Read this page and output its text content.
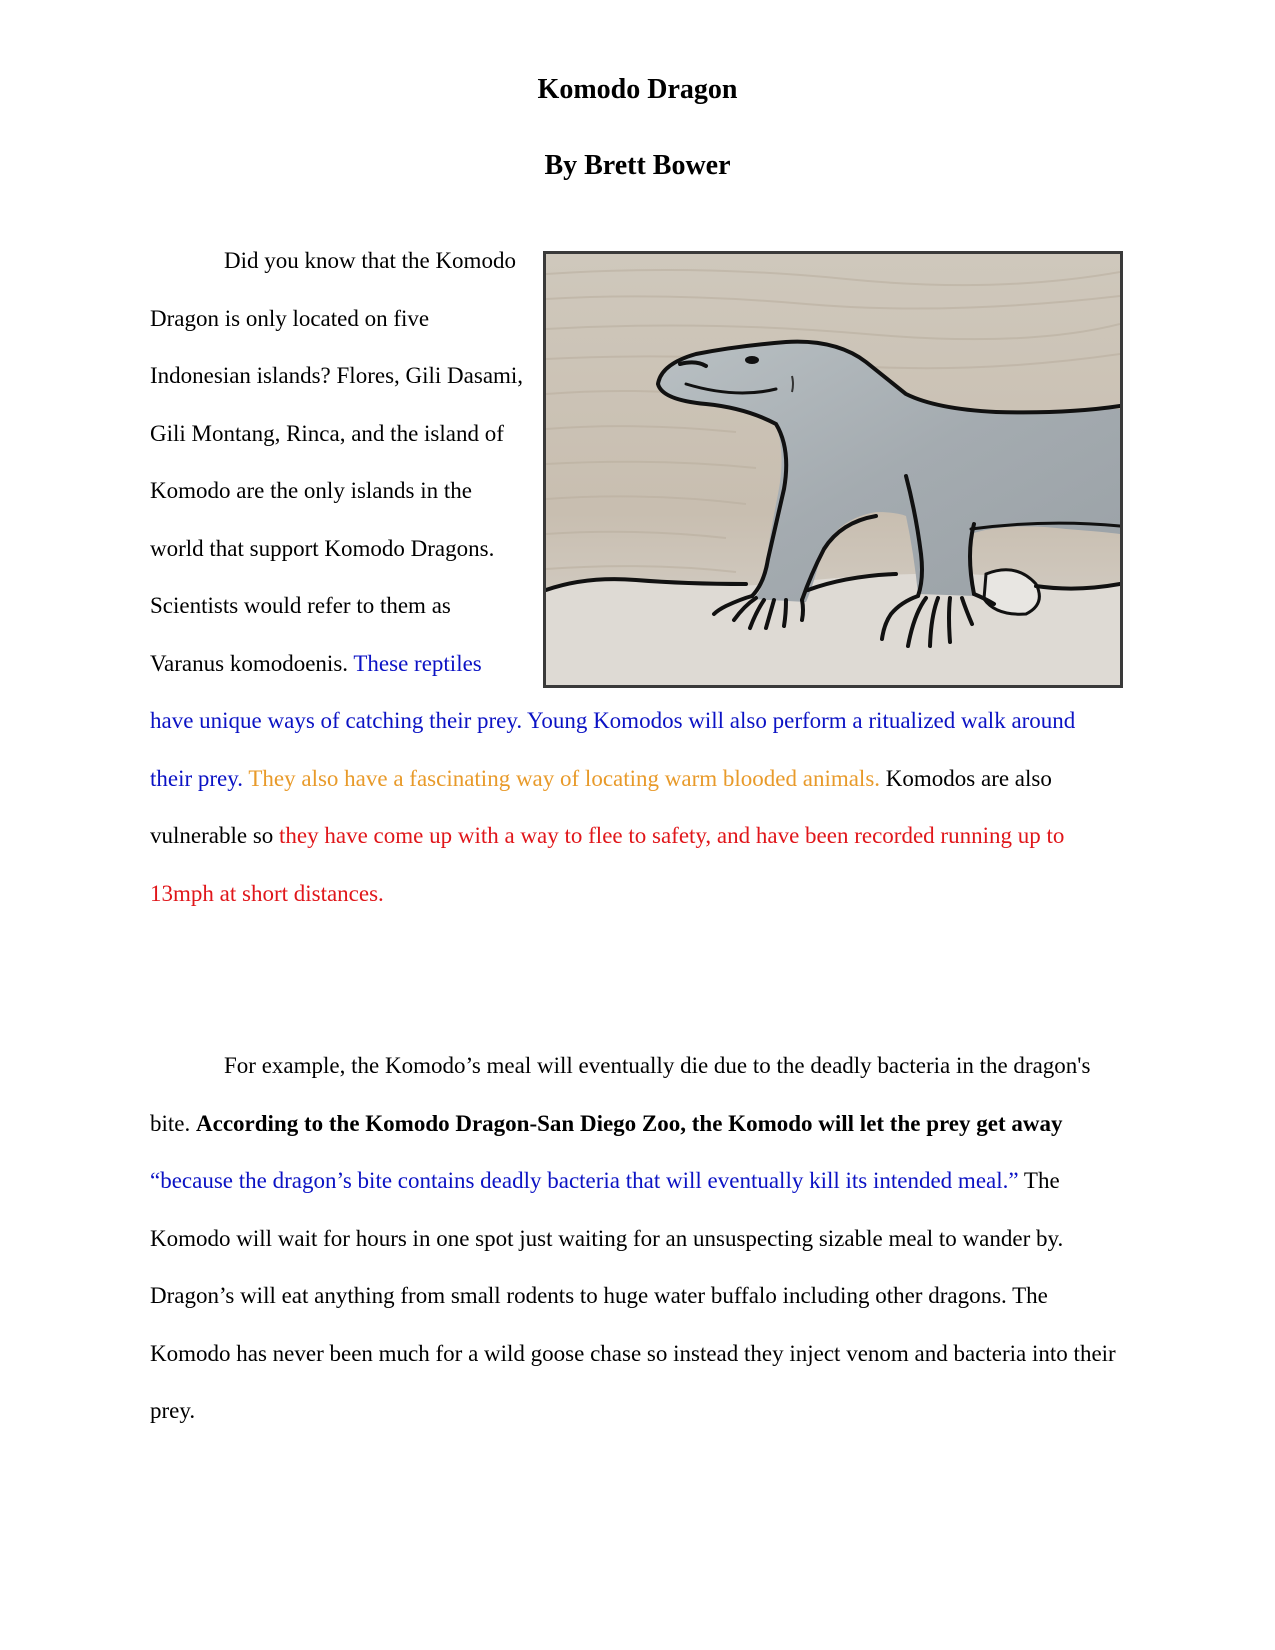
Komodo Dragon
By Brett Bower

Did you know that the Komodo Dragon is only located on five Indonesian islands? Flores, Gili Dasami, Gili Montang, Rinca, and the island of Komodo are the only islands in the world that support Komodo Dragons. Scientists would refer to them as Varanus komodoenis. These reptiles have unique ways of catching their prey. Young Komodos will also perform a ritualized walk around their prey. They also have a fascinating way of locating warm blooded animals. Komodos are also vulnerable so they have come up with a way to flee to safety, and have been recorded running up to 13mph at short distances.

For example, the Komodo’s meal will eventually die due to the deadly bacteria in the dragon's bite. According to the Komodo Dragon-San Diego Zoo, the Komodo will let the prey get away “because the dragon’s bite contains deadly bacteria that will eventually kill its intended meal.” The Komodo will wait for hours in one spot just waiting for an unsuspecting sizable meal to wander by. Dragon’s will eat anything from small rodents to huge water buffalo including other dragons. The Komodo has never been much for a wild goose chase so instead they inject venom and bacteria into their prey.
